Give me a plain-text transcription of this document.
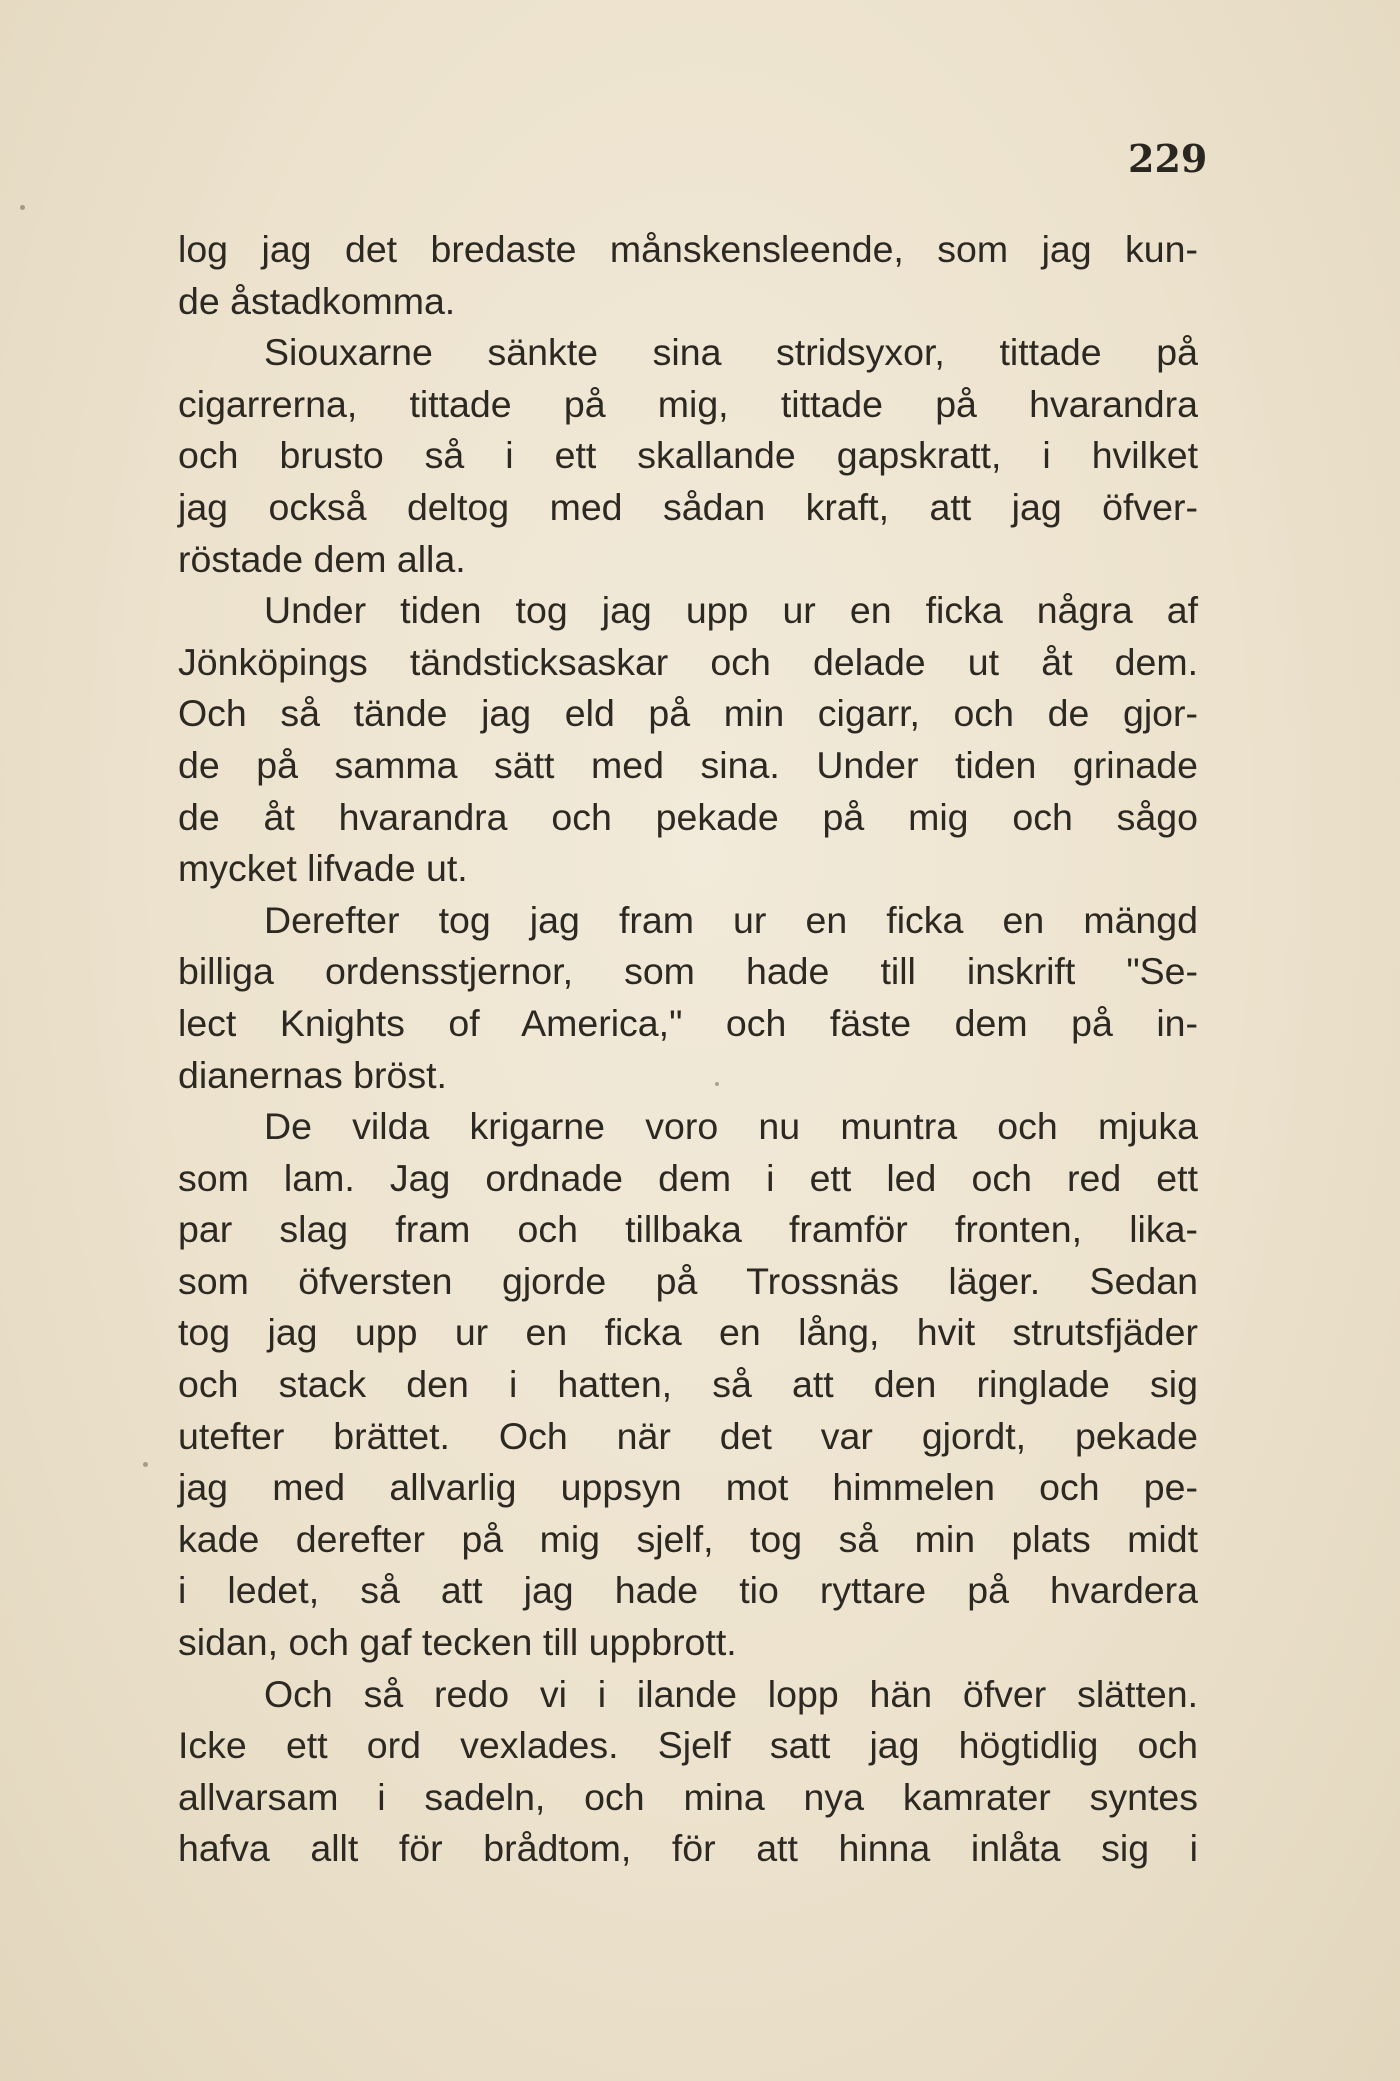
229
log jag det bredaste månskensleende, som jag kun-
de åstadkomma.
Siouxarne sänkte sina stridsyxor, tittade på
cigarrerna, tittade på mig, tittade på hvarandra
och brusto så i ett skallande gapskratt, i hvilket
jag också deltog med sådan kraft, att jag öfver-
röstade dem alla.
Under tiden tog jag upp ur en ficka några af
Jönköpings tändsticksaskar och delade ut åt dem.
Och så tände jag eld på min cigarr, och de gjor-
de på samma sätt med sina. Under tiden grinade
de åt hvarandra och pekade på mig och sågo
mycket lifvade ut.
Derefter tog jag fram ur en ficka en mängd
billiga ordensstjernor, som hade till inskrift "Se-
lect Knights of America," och fäste dem på in-
dianernas bröst.
De vilda krigarne voro nu muntra och mjuka
som lam. Jag ordnade dem i ett led och red ett
par slag fram och tillbaka framför fronten, lika-
som öfversten gjorde på Trossnäs läger. Sedan
tog jag upp ur en ficka en lång, hvit strutsfjäder
och stack den i hatten, så att den ringlade sig
utefter brättet. Och när det var gjordt, pekade
jag med allvarlig uppsyn mot himmelen och pe-
kade derefter på mig sjelf, tog så min plats midt
i ledet, så att jag hade tio ryttare på hvardera
sidan, och gaf tecken till uppbrott.
Och så redo vi i ilande lopp hän öfver slätten.
Icke ett ord vexlades. Sjelf satt jag högtidlig och
allvarsam i sadeln, och mina nya kamrater syntes
hafva allt för brådtom, för att hinna inlåta sig i
